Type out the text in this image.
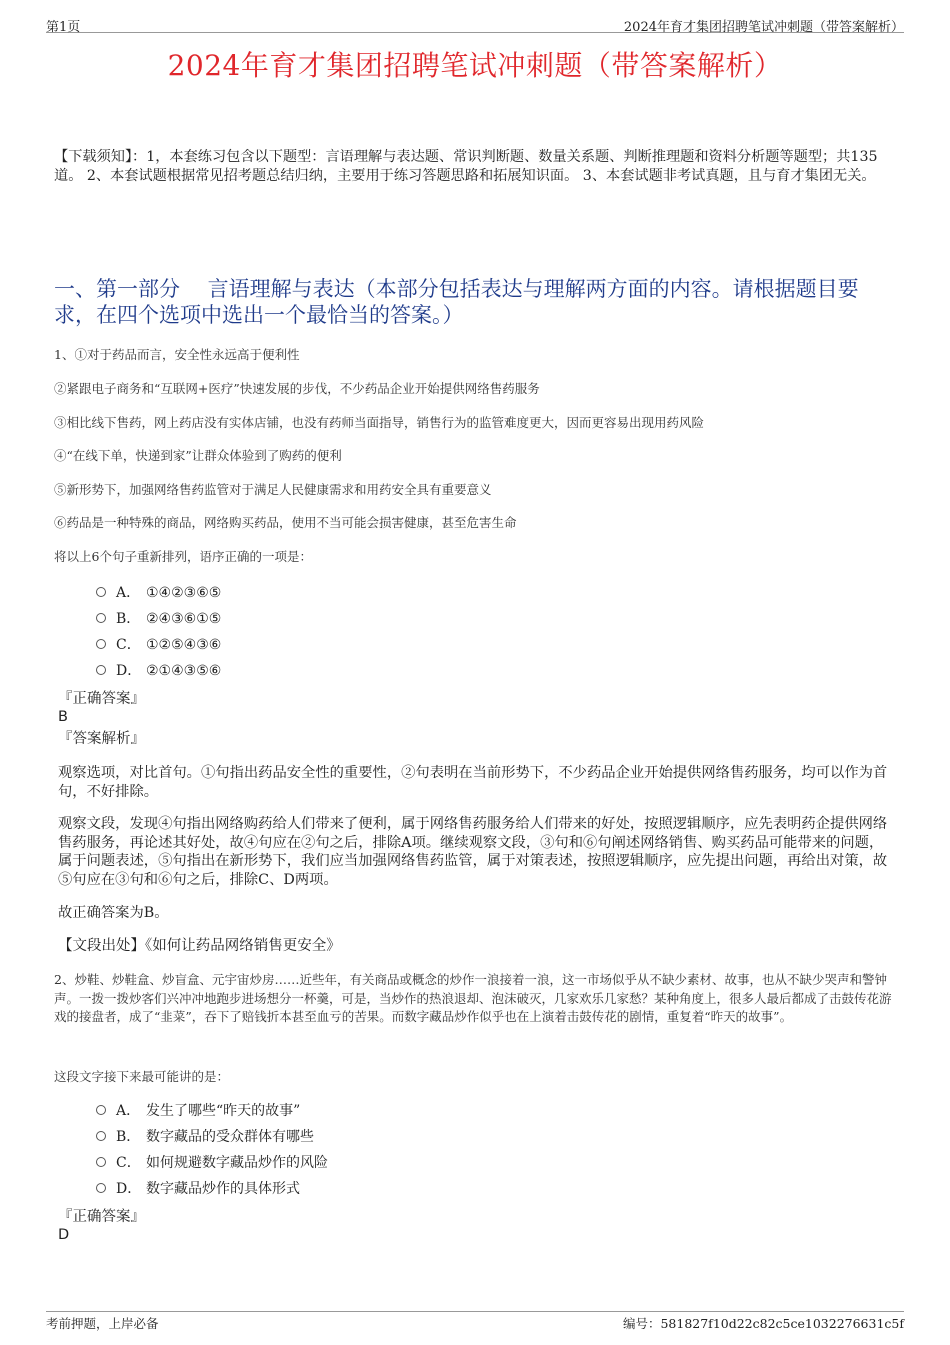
第1页	2024年育才集团招聘笔试冲刺题（带答案解析）
2024年育才集团招聘笔试冲刺题（带答案解析）
【下载须知】：1，本套练习包含以下题型：言语理解与表达题、常识判断题、数量关系题、判断推理题和资料分析题等题型；共135道。 2、本套试题根据常见招考题总结归纳，主要用于练习答题思路和拓展知识面。 3、本套试题非考试真题，且与育才集团无关。
一、第一部分　 言语理解与表达（本部分包括表达与理解两方面的内容。请根据题目要求，在四个选项中选出一个最恰当的答案。）
1、①对于药品而言，安全性永远高于便利性
②紧跟电子商务和“互联网+医疗”快速发展的步伐，不少药品企业开始提供网络售药服务
③相比线下售药，网上药店没有实体店铺，也没有药师当面指导，销售行为的监管难度更大，因而更容易出现用药风险
④“在线下单，快递到家”让群众体验到了购药的便利
⑤新形势下，加强网络售药监管对于满足人民健康需求和用药安全具有重要意义
⑥药品是一种特殊的商品，网络购买药品，使用不当可能会损害健康，甚至危害生命
将以上6个句子重新排列，语序正确的一项是：
A． ①④②③⑥⑤
B． ②④③⑥①⑤
C． ①②⑤④③⑥
D． ②①④③⑤⑥
『正确答案』
B
『答案解析』
观察选项，对比首句。①句指出药品安全性的重要性，②句表明在当前形势下，不少药品企业开始提供网络售药服务，均可以作为首句，不好排除。
观察文段，发现④句指出网络购药给人们带来了便利，属于网络售药服务给人们带来的好处，按照逻辑顺序，应先表明药企提供网络售药服务，再论述其好处，故④句应在②句之后，排除A项。继续观察文段，③句和⑥句阐述网络销售、购买药品可能带来的问题，属于问题表述，⑤句指出在新形势下，我们应当加强网络售药监管，属于对策表述，按照逻辑顺序，应先提出问题，再给出对策，故⑤句应在③句和⑥句之后，排除C、D两项。
故正确答案为B。
【文段出处】《如何让药品网络销售更安全》
2、炒鞋、炒鞋盒、炒盲盒、元宇宙炒房……近些年，有关商品或概念的炒作一浪接着一浪，这一市场似乎从不缺少素材、故事，也从不缺少哭声和警钟声。一拨一拨炒客们兴冲冲地跑步进场想分一杯羹，可是，当炒作的热浪退却、泡沫破灭，几家欢乐几家愁？某种角度上，很多人最后都成了击鼓传花游戏的接盘者，成了“韭菜”，吞下了赔钱折本甚至血亏的苦果。而数字藏品炒作似乎也在上演着击鼓传花的剧情，重复着“昨天的故事”。
这段文字接下来最可能讲的是：
A． 发生了哪些“昨天的故事”
B． 数字藏品的受众群体有哪些
C． 如何规避数字藏品炒作的风险
D． 数字藏品炒作的具体形式
『正确答案』
D
考前押题，上岸必备	编号：581827f10d22c82c5ce1032276631c5f
